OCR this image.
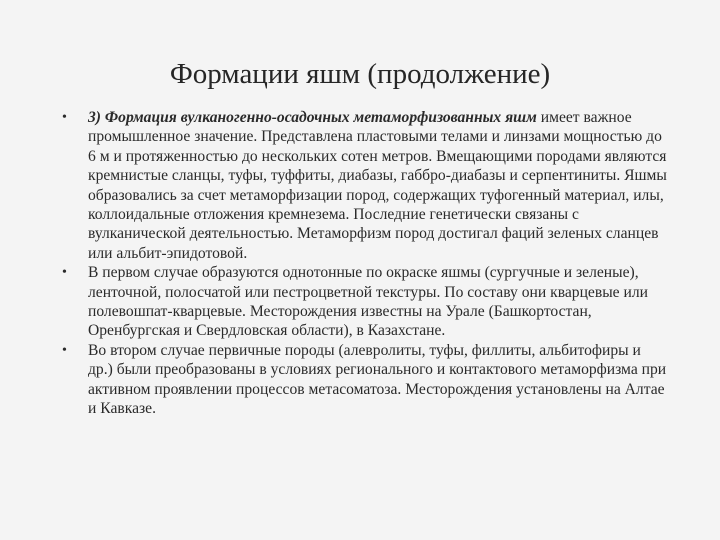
Формации яшм (продолжение)
• 3) Формация вулканогенно-осадочных метаморфизованных яшм имеет важное промышленное значение. Представлена пластовыми телами и линзами мощностью до 6 м и протяженностью до нескольких сотен метров. Вмещающими породами являются кремнистые сланцы, туфы, туффиты, диабазы, габбро-диабазы и серпентиниты. Яшмы образовались за счет метаморфизации пород, содержащих туфогенный материал, илы, коллоидальные отложения кремнезема. Последние генетически связаны с вулканической деятельностью. Метаморфизм пород достигал фаций зеленых сланцев или альбит-эпидотовой.
• В первом случае образуются однотонные по окраске яшмы (сургучные и зеленые), ленточной, полосчатой или пестроцветной текстуры. По составу они кварцевые или полевошпат-кварцевые. Месторождения известны на Урале (Башкортостан, Оренбургская и Свердловская области), в Казахстане.
• Во втором случае первичные породы (алевролиты, туфы, филлиты, альбитофиры и др.) были преобразованы в условиях регионального и контактового метаморфизма при активном проявлении процессов метасоматоза. Месторождения установлены на Алтае и Кавказе.
